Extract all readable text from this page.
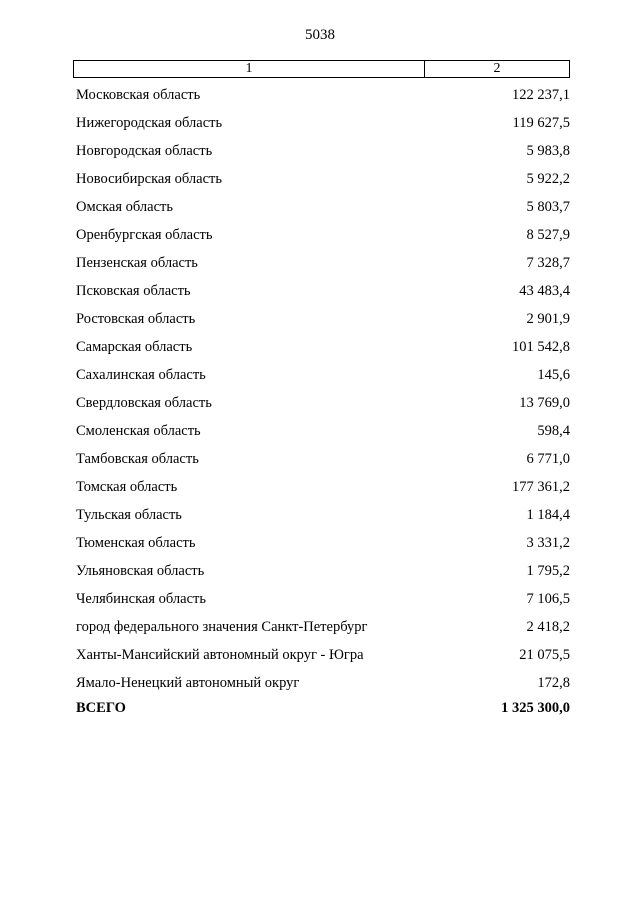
5038
1	2
Московская область	122 237,1
Нижегородская область	119 627,5
Новгородская область	5 983,8
Новосибирская область	5 922,2
Омская область	5 803,7
Оренбургская область	8 527,9
Пензенская область	7 328,7
Псковская область	43 483,4
Ростовская область	2 901,9
Самарская область	101 542,8
Сахалинская область	145,6
Свердловская область	13 769,0
Смоленская область	598,4
Тамбовская область	6 771,0
Томская область	177 361,2
Тульская область	1 184,4
Тюменская область	3 331,2
Ульяновская область	1 795,2
Челябинская область	7 106,5
город федерального значения Санкт-Петербург	2 418,2
Ханты-Мансийский автономный округ - Югра	21 075,5
Ямало-Ненецкий автономный округ	172,8
ВСЕГО	1 325 300,0
